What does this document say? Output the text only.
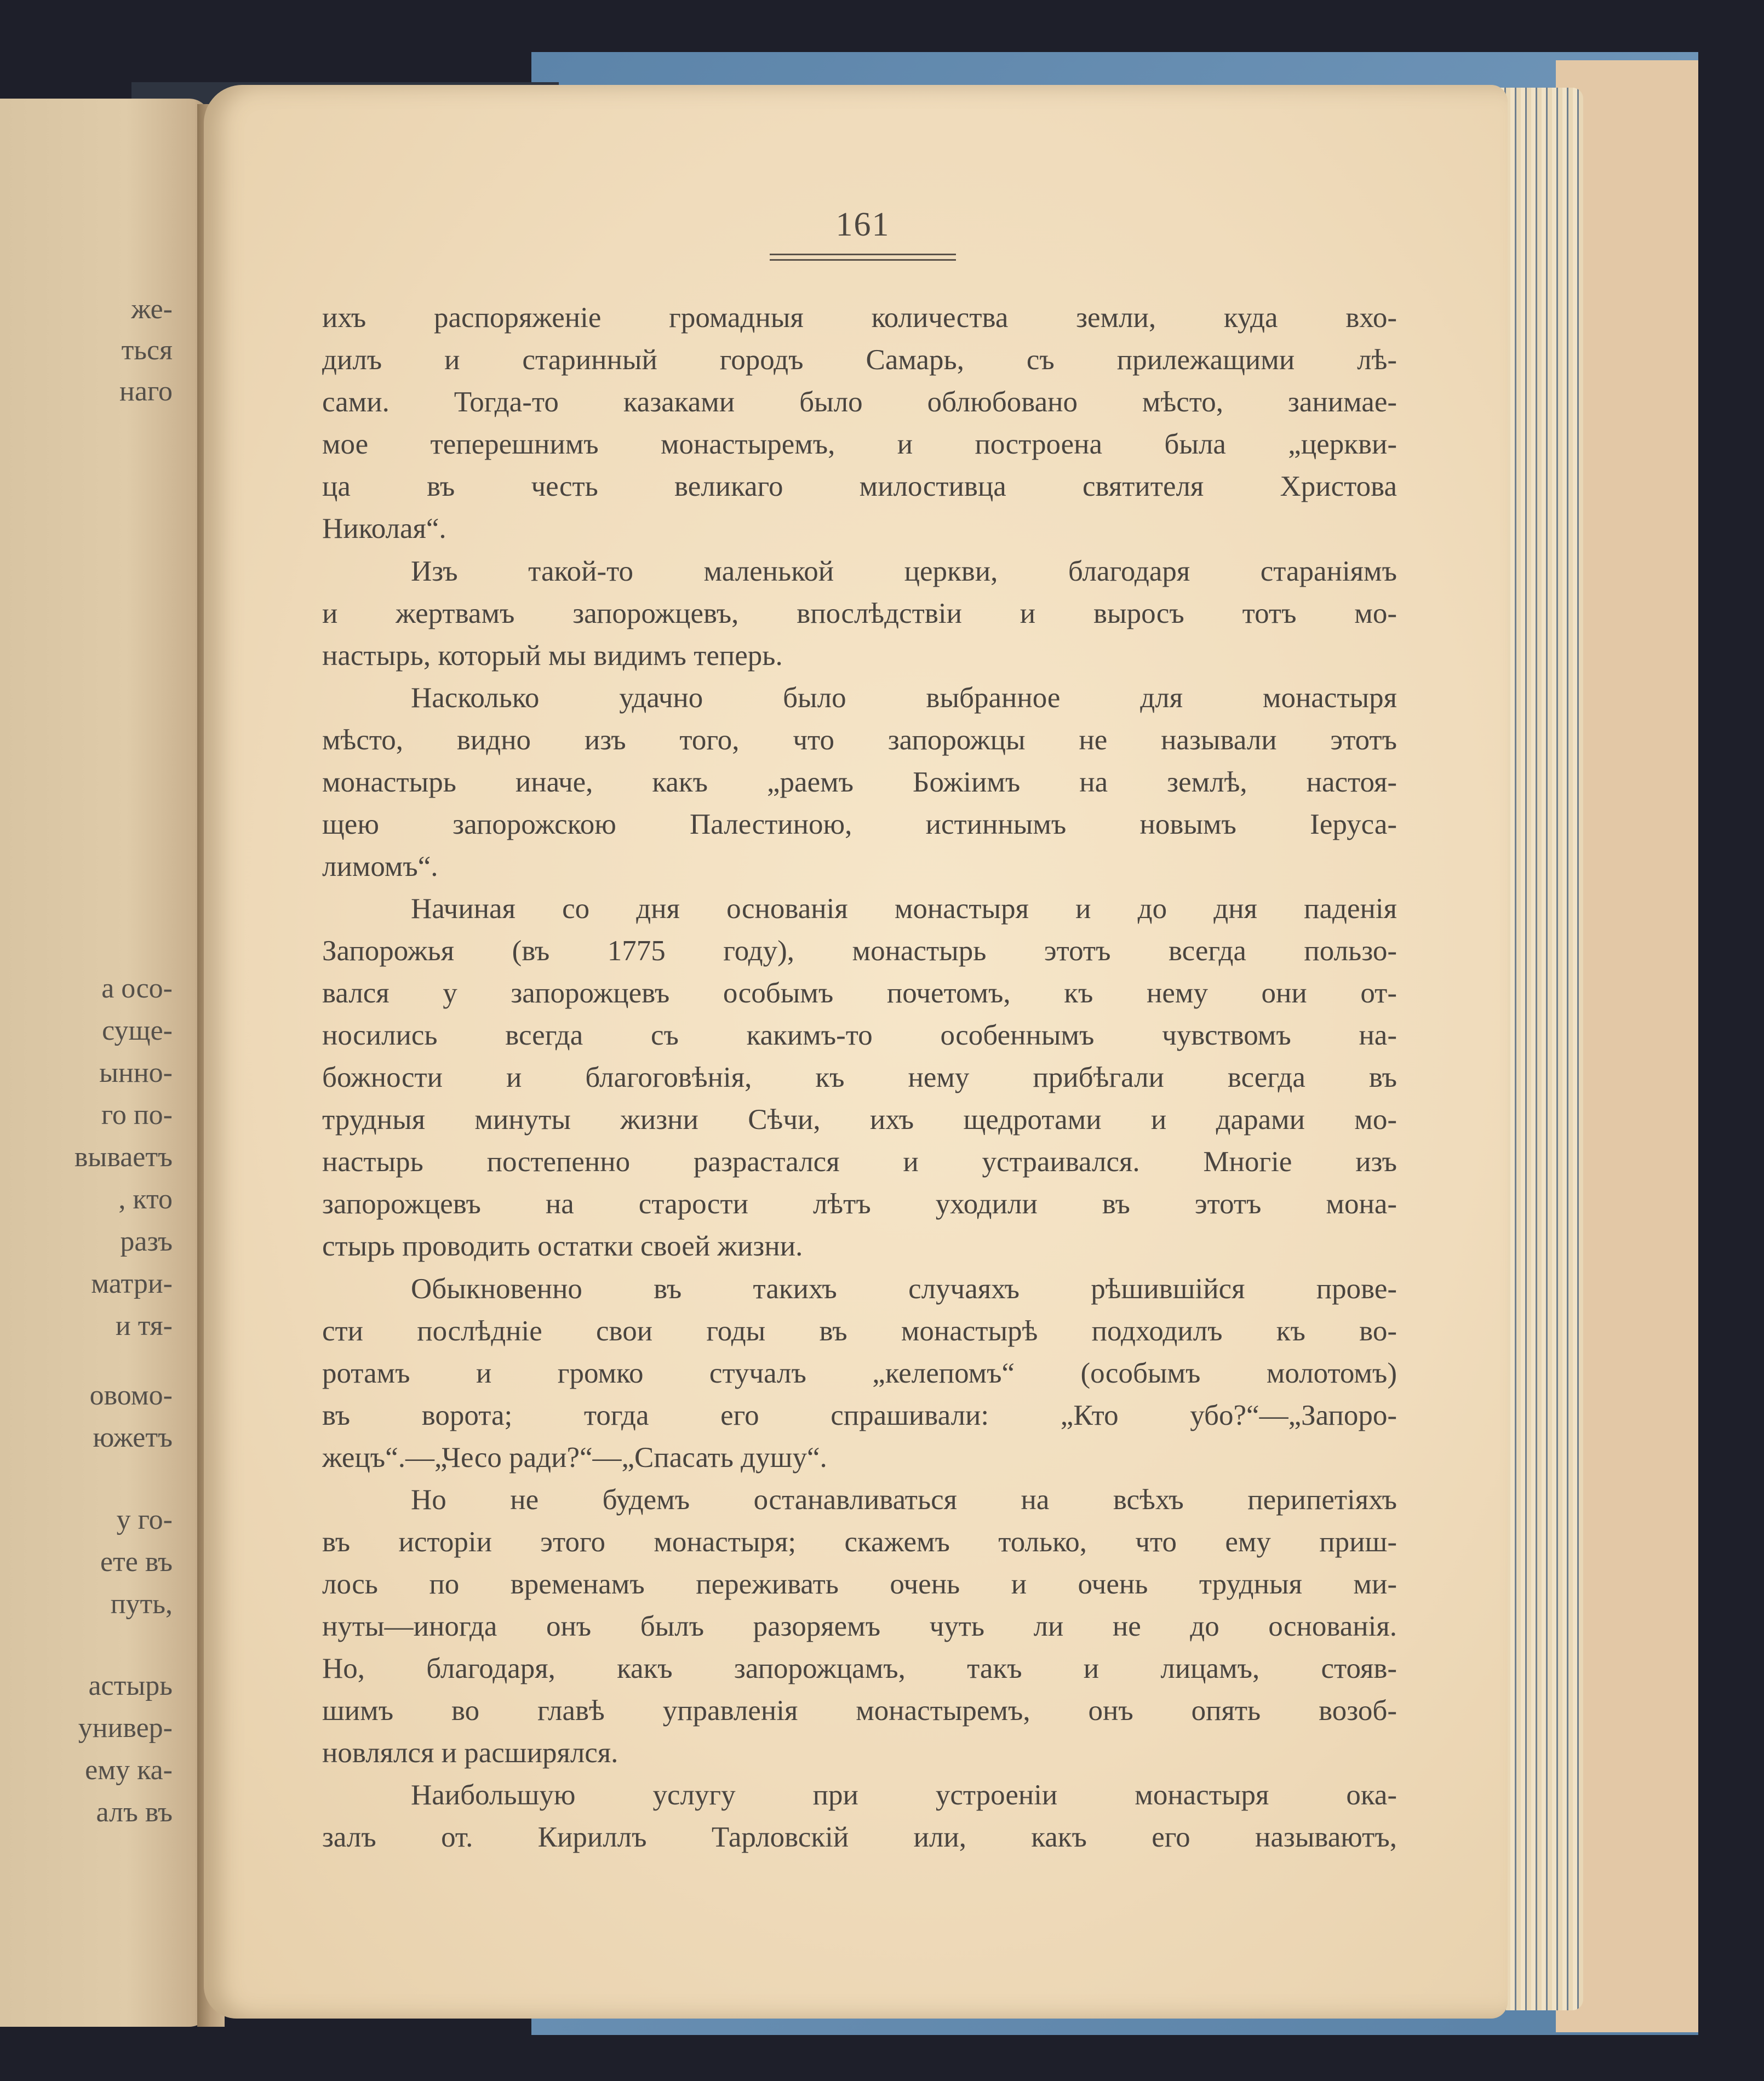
же-
ться
наго
а осо-
суще-
ынно-
го по-
вываетъ
, кто
разъ
матри-
и тя-
овомо-
южетъ
у го-
ете въ
путь,
астырь
универ-
ему ка-
алъ въ
161
ихъ распоряженіе громадныя количества земли, куда вхо-
дилъ и старинный городъ Самарь, съ прилежащими лѣ-
сами. Тогда-то казаками было облюбовано мѣсто, занимае-
мое теперешнимъ монастыремъ, и построена была „церкви-
ца въ честь великаго милостивца святителя Христова
Николая“.
Изъ такой-то маленькой церкви, благодаря стараніямъ
и жертвамъ запорожцевъ, впослѣдствіи и выросъ тотъ мо-
настырь, который мы видимъ теперь.
Насколько удачно было выбранное для монастыря
мѣсто, видно изъ того, что запорожцы не называли этотъ
монастырь иначе, какъ „раемъ Божіимъ на землѣ, настоя-
щею запорожскою Палестиною, истиннымъ новымъ Іеруса-
лимомъ“.
Начиная со дня основанія монастыря и до дня паденія
Запорожья (въ 1775 году), монастырь этотъ всегда пользо-
вался у запорожцевъ особымъ почетомъ, къ нему они от-
носились всегда съ какимъ-то особеннымъ чувствомъ на-
божности и благоговѣнія, къ нему прибѣгали всегда въ
трудныя минуты жизни Сѣчи, ихъ щедротами и дарами мо-
настырь постепенно разрастался и устраивался. Многіе изъ
запорожцевъ на старости лѣтъ уходили въ этотъ мона-
стырь проводить остатки своей жизни.
Обыкновенно въ такихъ случаяхъ рѣшившійся прове-
сти послѣдніе свои годы въ монастырѣ подходилъ къ во-
ротамъ и громко стучалъ „келепомъ“ (особымъ молотомъ)
въ ворота; тогда его спрашивали: „Кто убо?“—„Запоро-
жецъ“.—„Чесо ради?“—„Спасать душу“.
Но не будемъ останавливаться на всѣхъ перипетіяхъ
въ исторіи этого монастыря; скажемъ только, что ему приш-
лось по временамъ переживать очень и очень трудныя ми-
нуты—иногда онъ былъ разоряемъ чуть ли не до основанія.
Но, благодаря, какъ запорожцамъ, такъ и лицамъ, стояв-
шимъ во главѣ управленія монастыремъ, онъ опять возоб-
новлялся и расширялся.
Наибольшую услугу при устроеніи монастыря ока-
залъ от. Кириллъ Тарловскій или, какъ его называютъ,
